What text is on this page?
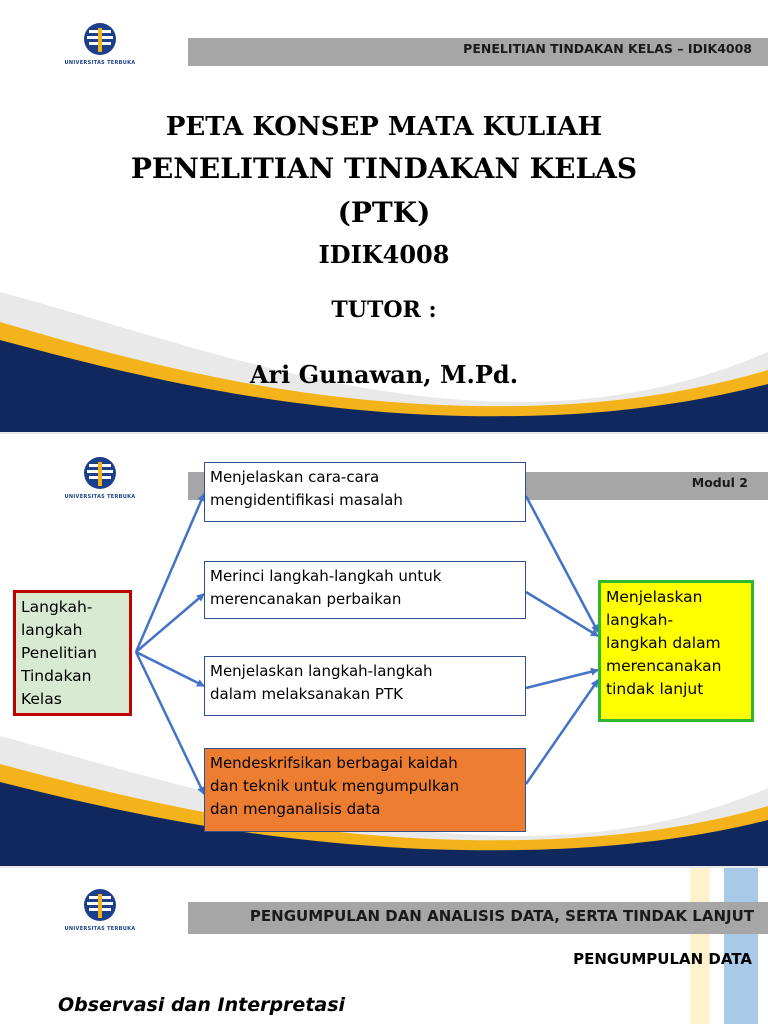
UNIVERSITAS TERBUKA
PENELITIAN TINDAKAN KELAS – IDIK4008
PETA KONSEP MATA KULIAH
PENELITIAN TINDAKAN KELAS
(PTK)
IDIK4008
TUTOR :
Ari Gunawan, M.Pd.
UNIVERSITAS TERBUKA
Modul 2
Langkah-
langkah
Penelitian
Tindakan
Kelas
Menjelaskan cara-cara
mengidentifikasi masalah
Merinci langkah-langkah untuk
merencanakan perbaikan
Menjelaskan langkah-langkah
dalam melaksanakan PTK
Mendeskrifsikan berbagai kaidah
dan teknik untuk mengumpulkan
dan menganalisis data
Menjelaskan
langkah-
langkah dalam
merencanakan
tindak lanjut
UNIVERSITAS TERBUKA
PENGUMPULAN DAN ANALISIS DATA, SERTA TINDAK LANJUT
PENGUMPULAN DATA
Observasi dan Interpretasi
